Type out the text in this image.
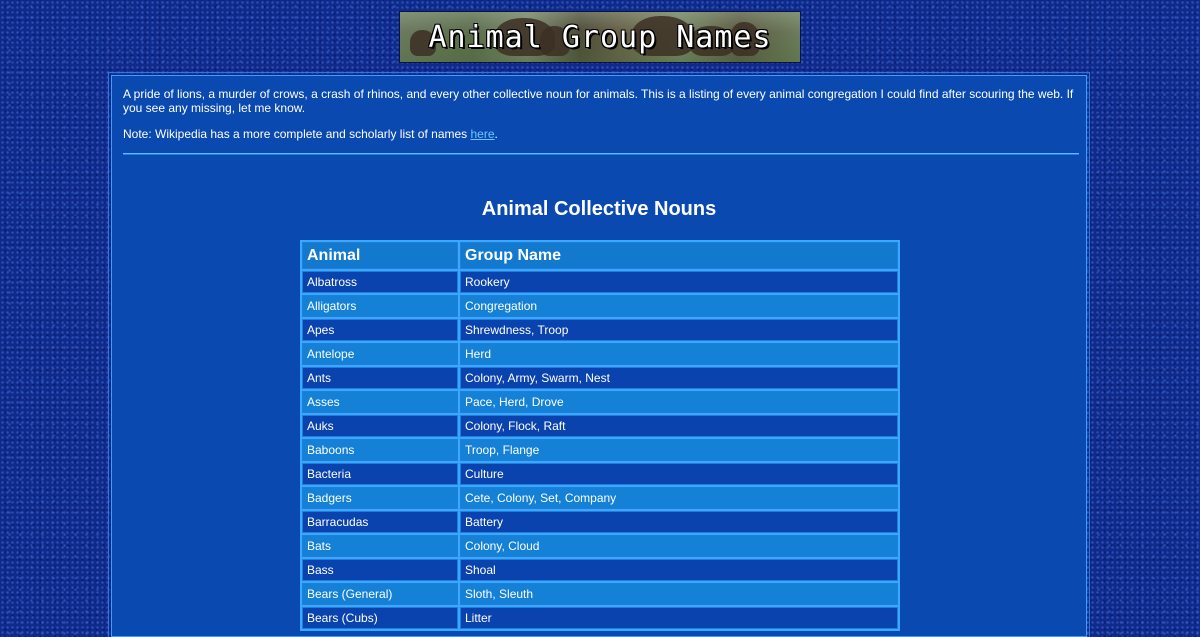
Animal Group Names

A pride of lions, a murder of crows, a crash of rhinos, and every other collective noun for animals. This is a listing of every animal congregation I could find after scouring the web. If you see any missing, let me know.

Note: Wikipedia has a more complete and scholarly list of names here.

Animal Collective Nouns
Animal	Group Name
Albatross	Rookery
Alligators	Congregation
Apes	Shrewdness, Troop
Antelope	Herd
Ants	Colony, Army, Swarm, Nest
Asses	Pace, Herd, Drove
Auks	Colony, Flock, Raft
Baboons	Troop, Flange
Bacteria	Culture
Badgers	Cete, Colony, Set, Company
Barracudas	Battery
Bats	Colony, Cloud
Bass	Shoal
Bears (General)	Sloth, Sleuth
Bears (Cubs)	Litter
